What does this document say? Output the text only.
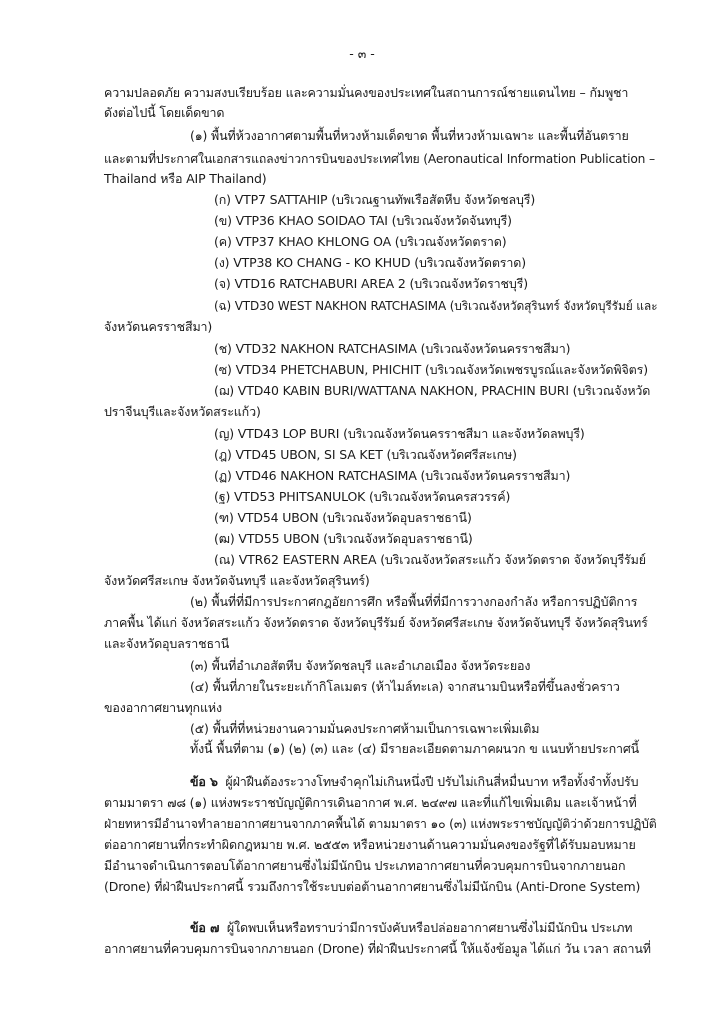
- ๓ -
ความปลอดภัย ความสงบเรียบร้อย และความมั่นคงของประเทศในสถานการณ์ชายแดนไทย – กัมพูชา
ดังต่อไปนี้ โดยเด็ดขาด
(๑) พื้นที่ห้วงอากาศตามพื้นที่หวงห้ามเด็ดขาด พื้นที่หวงห้ามเฉพาะ และพื้นที่อันตราย
และตามที่ประกาศในเอกสารแถลงข่าวการบินของประเทศไทย (Aeronautical Information Publication –
Thailand หรือ AIP Thailand)
(ก) VTP7 SATTAHIP (บริเวณฐานทัพเรือสัตหีบ จังหวัดชลบุรี)
(ข) VTP36 KHAO SOIDAO TAI (บริเวณจังหวัดจันทบุรี)
(ค) VTP37 KHAO KHLONG OA (บริเวณจังหวัดตราด)
(ง) VTP38 KO CHANG - KO KHUD (บริเวณจังหวัดตราด)
(จ) VTD16 RATCHABURI AREA 2 (บริเวณจังหวัดราชบุรี)
(ฉ) VTD30 WEST NAKHON RATCHASIMA (บริเวณจังหวัดสุรินทร์ จังหวัดบุรีรัมย์ และ
จังหวัดนครราชสีมา)
(ช) VTD32 NAKHON RATCHASIMA (บริเวณจังหวัดนครราชสีมา)
(ซ) VTD34 PHETCHABUN, PHICHIT (บริเวณจังหวัดเพชรบูรณ์และจังหวัดพิจิตร)
(ฌ) VTD40 KABIN BURI/WATTANA NAKHON, PRACHIN BURI (บริเวณจังหวัด
ปราจีนบุรีและจังหวัดสระแก้ว)
(ญ) VTD43 LOP BURI (บริเวณจังหวัดนครราชสีมา และจังหวัดลพบุรี)
(ฎ) VTD45 UBON, SI SA KET (บริเวณจังหวัดศรีสะเกษ)
(ฏ) VTD46 NAKHON RATCHASIMA (บริเวณจังหวัดนครราชสีมา)
(ฐ) VTD53 PHITSANULOK (บริเวณจังหวัดนครสวรรค์)
(ฑ) VTD54 UBON (บริเวณจังหวัดอุบลราชธานี)
(ฒ) VTD55 UBON (บริเวณจังหวัดอุบลราชธานี)
(ณ) VTR62 EASTERN AREA (บริเวณจังหวัดสระแก้ว จังหวัดตราด จังหวัดบุรีรัมย์
จังหวัดศรีสะเกษ จังหวัดจันทบุรี และจังหวัดสุรินทร์)
(๒) พื้นที่ที่มีการประกาศกฎอัยการศึก หรือพื้นที่ที่มีการวางกองกำลัง หรือการปฏิบัติการ
ภาคพื้น ได้แก่ จังหวัดสระแก้ว จังหวัดตราด จังหวัดบุรีรัมย์ จังหวัดศรีสะเกษ จังหวัดจันทบุรี จังหวัดสุรินทร์
และจังหวัดอุบลราชธานี
(๓) พื้นที่อำเภอสัตหีบ จังหวัดชลบุรี และอำเภอเมือง จังหวัดระยอง
(๔) พื้นที่ภายในระยะเก้ากิโลเมตร (ห้าไมล์ทะเล) จากสนามบินหรือที่ขึ้นลงชั่วคราว
ของอากาศยานทุกแห่ง
(๕) พื้นที่ที่หน่วยงานความมั่นคงประกาศห้ามเป็นการเฉพาะเพิ่มเติม
ทั้งนี้ พื้นที่ตาม (๑) (๒) (๓) และ (๔) มีรายละเอียดตามภาคผนวก ข แนบท้ายประกาศนี้
ข้อ ๖ ผู้ฝ่าฝืนต้องระวางโทษจำคุกไม่เกินหนึ่งปี ปรับไม่เกินสี่หมื่นบาท หรือทั้งจำทั้งปรับ
ตามมาตรา ๗๘ (๑) แห่งพระราชบัญญัติการเดินอากาศ พ.ศ. ๒๔๙๗ และที่แก้ไขเพิ่มเติม และเจ้าหน้าที่
ฝ่ายทหารมีอำนาจทำลายอากาศยานจากภาคพื้นได้ ตามมาตรา ๑๐ (๓) แห่งพระราชบัญญัติว่าด้วยการปฏิบัติ
ต่ออากาศยานที่กระทำผิดกฎหมาย พ.ศ. ๒๕๕๓ หรือหน่วยงานด้านความมั่นคงของรัฐที่ได้รับมอบหมาย
มีอำนาจดำเนินการตอบโต้อากาศยานซึ่งไม่มีนักบิน ประเภทอากาศยานที่ควบคุมการบินจากภายนอก
(Drone) ที่ฝ่าฝืนประกาศนี้ รวมถึงการใช้ระบบต่อต้านอากาศยานซึ่งไม่มีนักบิน (Anti-Drone System)
ข้อ ๗ ผู้ใดพบเห็นหรือทราบว่ามีการบังคับหรือปล่อยอากาศยานซึ่งไม่มีนักบิน ประเภท
อากาศยานที่ควบคุมการบินจากภายนอก (Drone) ที่ฝ่าฝืนประกาศนี้ ให้แจ้งข้อมูล ได้แก่ วัน เวลา สถานที่
